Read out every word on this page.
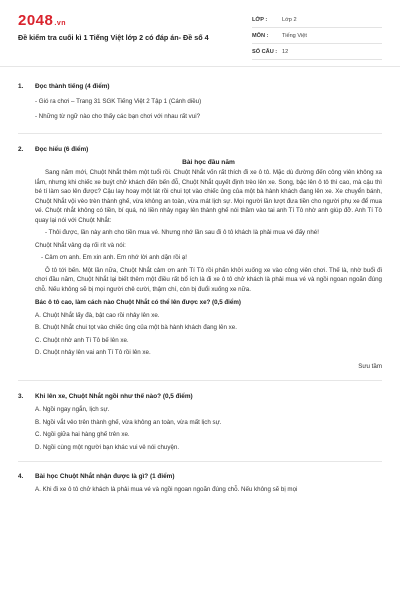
2048.vn
Đề kiểm tra cuối kì 1 Tiếng Việt lớp 2 có đáp án- Đề số 4
LỚP :	Lớp 2
MÔN :	Tiếng Việt
SỐ CÂU : 12
1.	Đọc thành tiếng (4 điểm)
- Gió ra chơi – Trang 31 SGK Tiếng Việt 2 Tập 1 (Cánh diều)
- Những từ ngữ nào cho thấy các bạn chơi với nhau rất vui?
2.	Đọc hiểu (6 điểm)
Bài học đầu năm
Sang năm mới, Chuột Nhắt thêm một tuổi rồi. Chuột Nhắt vốn rất thích đi xe ô tô. Mặc dù đường đến công viên không xa lắm, nhưng khi chiếc xe buýt chở khách đến bến đỗ, Chuột Nhắt quyết định trèo lên xe. Song, bậc lên ô tô thì cao, mà cậu thì bé tí làm sao lên được? Cậu lay hoay một lát rồi chui tọt vào chiếc ủng của một bà hành khách đang lên xe. Xe chuyển bánh, Chuột Nhắt vội vèo trèn thành ghế, vừa không an toàn, vừa mát lịch sự. Mọi người lần lượt đưa tiền cho người phụ xe để mua vé. Chuột nhắt không có tiền, bí quá, nó liền nhảy ngay lên thành ghế nói thầm vào tai anh Tí Tô nhờ anh giúp đỡ. Anh Tí Tô quay lại nói với Chuột Nhắt:
- Thôi được, lần này anh cho tiền mua vé. Nhưng nhớ lần sau đi ô tô khách là phải mua vé đấy nhé!
Chuột Nhắt vâng dạ rối rít và nói:
- Cảm ơn anh. Em xin anh. Em nhớ lời anh dặn rồi ạ!
Ô tô tới bến. Một lần nữa, Chuột Nhắt cảm ơn anh Tí Tô rồi phấn khởi xuống xe vào công viên chơi. Thế là, nhờ buổi đi chơi đầu năm, Chuột Nhắt lại biết thêm một điều rất bổ ích là đi xe ô tô chở khách là phải mua vé và ngồi ngoan ngoãn đúng chỗ. Nếu không sẽ bị mọi người chê cười, thậm chí, còn bị đuổi xuống xe nữa.
Bác ô tô cao, làm cách nào Chuột Nhắt có thể lên được xe? (0,5 điểm)
A. Chuột Nhắt lấy đà, bật cao rồi nhảy lên xe.
B. Chuột Nhắt chui tọt vào chiếc ủng của một bà hành khách đang lên xe.
C. Chuột nhờ anh Tí Tô bế lên xe.
D. Chuột nhảy lên vai anh Tí Tô rồi lên xe.
Sưu tầm
3.	Khi lên xe, Chuột Nhắt ngồi như thế nào? (0,5 điểm)
A. Ngồi ngay ngắn, lịch sự.
B. Ngồi vắt vẻo trên thành ghế, vừa không an toàn, vừa mất lịch sự.
C. Ngồi giữa hai hàng ghế trên xe.
D. Ngồi cùng một người bạn khác vui vẻ nói chuyện.
4.	Bài học Chuột Nhắt nhận được là gì? (1 điểm)
A. Khi đi xe ô tô chở khách là phải mua vé và ngồi ngoan ngoãn đúng chỗ. Nếu không sẽ bị mọi
